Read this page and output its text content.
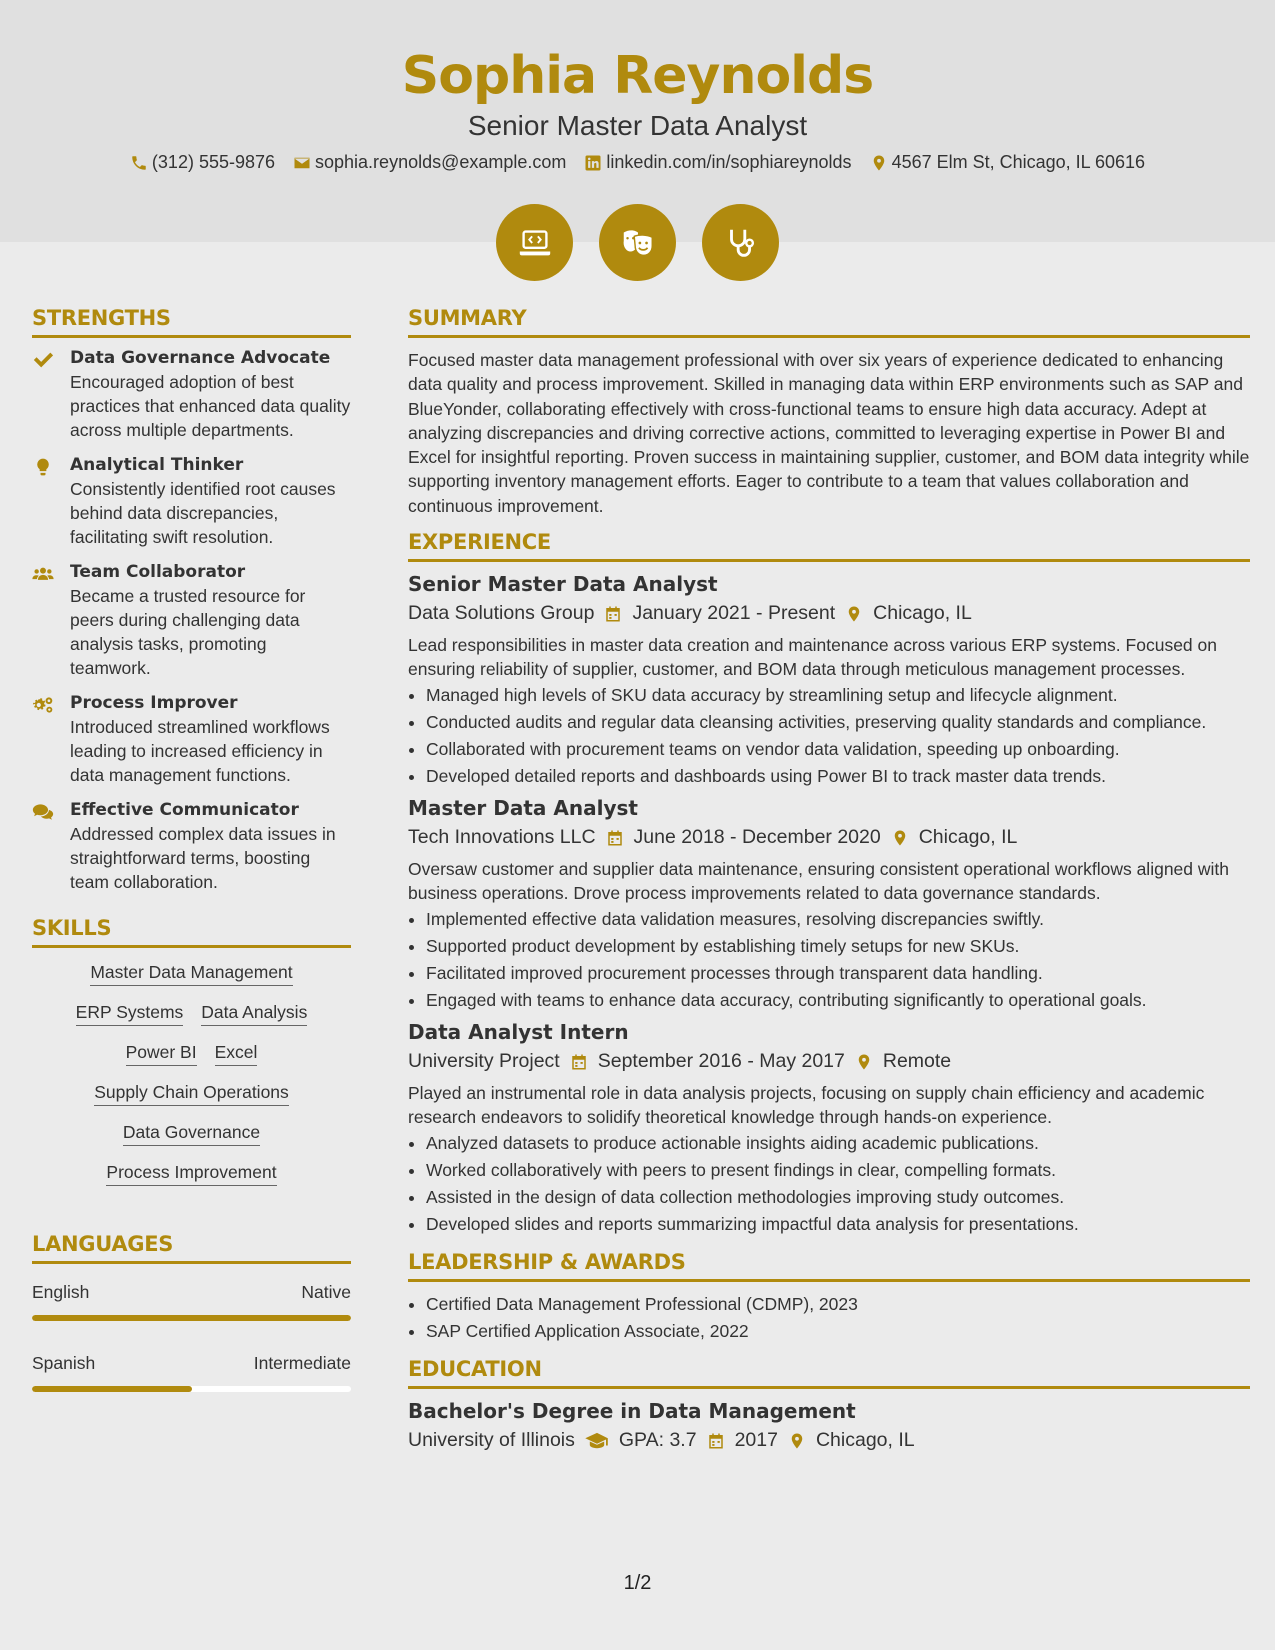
Sophia Reynolds
Senior Master Data Analyst
(312) 555-9876 sophia.reynolds@example.com linkedin.com/in/sophiareynolds 4567 Elm St, Chicago, IL 60616
STRENGTHS
Data Governance Advocate
Encouraged adoption of best practices that enhanced data quality across multiple departments.
Analytical Thinker
Consistently identified root causes behind data discrepancies, facilitating swift resolution.
Team Collaborator
Became a trusted resource for peers during challenging data analysis tasks, promoting teamwork.
Process Improver
Introduced streamlined workflows leading to increased efficiency in data management functions.
Effective Communicator
Addressed complex data issues in straightforward terms, boosting team collaboration.
SKILLS
Master Data Management
ERP Systems Data Analysis
Power BI Excel
Supply Chain Operations
Data Governance
Process Improvement
LANGUAGES
English	Native
Spanish	Intermediate
SUMMARY
Focused master data management professional with over six years of experience dedicated to enhancing data quality and process improvement. Skilled in managing data within ERP environments such as SAP and BlueYonder, collaborating effectively with cross-functional teams to ensure high data accuracy. Adept at analyzing discrepancies and driving corrective actions, committed to leveraging expertise in Power BI and Excel for insightful reporting. Proven success in maintaining supplier, customer, and BOM data integrity while supporting inventory management efforts. Eager to contribute to a team that values collaboration and continuous improvement.
EXPERIENCE
Senior Master Data Analyst
Data Solutions Group January 2021 - Present Chicago, IL
Lead responsibilities in master data creation and maintenance across various ERP systems. Focused on ensuring reliability of supplier, customer, and BOM data through meticulous management processes.
• Managed high levels of SKU data accuracy by streamlining setup and lifecycle alignment.
• Conducted audits and regular data cleansing activities, preserving quality standards and compliance.
• Collaborated with procurement teams on vendor data validation, speeding up onboarding.
• Developed detailed reports and dashboards using Power BI to track master data trends.
Master Data Analyst
Tech Innovations LLC June 2018 - December 2020 Chicago, IL
Oversaw customer and supplier data maintenance, ensuring consistent operational workflows aligned with business operations. Drove process improvements related to data governance standards.
• Implemented effective data validation measures, resolving discrepancies swiftly.
• Supported product development by establishing timely setups for new SKUs.
• Facilitated improved procurement processes through transparent data handling.
• Engaged with teams to enhance data accuracy, contributing significantly to operational goals.
Data Analyst Intern
University Project September 2016 - May 2017 Remote
Played an instrumental role in data analysis projects, focusing on supply chain efficiency and academic research endeavors to solidify theoretical knowledge through hands-on experience.
• Analyzed datasets to produce actionable insights aiding academic publications.
• Worked collaboratively with peers to present findings in clear, compelling formats.
• Assisted in the design of data collection methodologies improving study outcomes.
• Developed slides and reports summarizing impactful data analysis for presentations.
LEADERSHIP & AWARDS
• Certified Data Management Professional (CDMP), 2023
• SAP Certified Application Associate, 2022
EDUCATION
Bachelor's Degree in Data Management
University of Illinois GPA: 3.7 2017 Chicago, IL
1/2
